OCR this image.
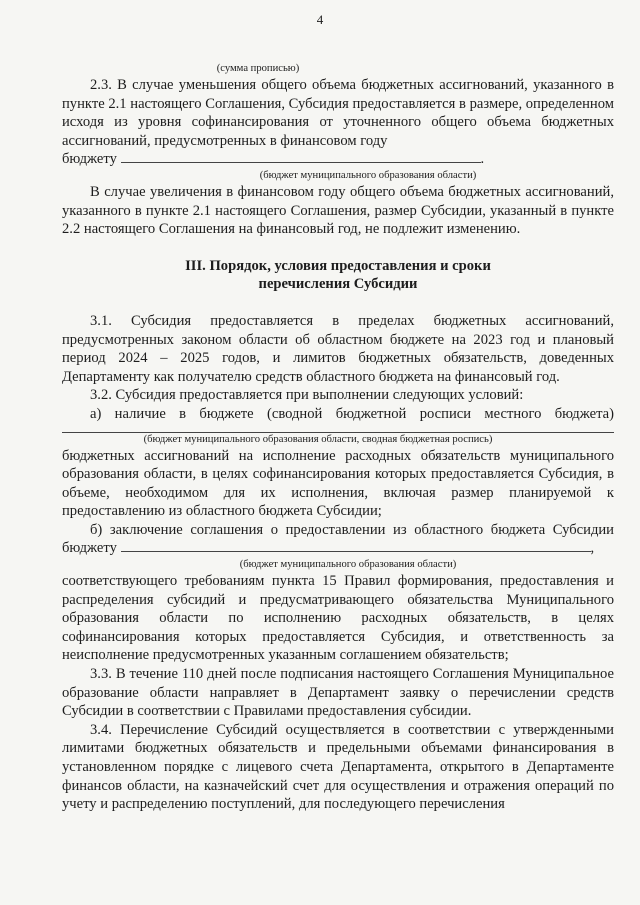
4

(сумма прописью)

2.3. В случае уменьшения общего объема бюджетных ассигнований, указанного в пункте 2.1 настоящего Соглашения, Субсидия предоставляется в размере, определенном исходя из уровня софинансирования от уточненного общего объема бюджетных ассигнований, предусмотренных в финансовом году

бюджету	.

(бюджет муниципального образования области)

В случае увеличения в финансовом году общего объема бюджетных ассигнований, указанного в пункте 2.1 настоящего Соглашения, размер Субсидии, указанный в пункте 2.2 настоящего Соглашения на финансовый год, не подлежит изменению.

III. Порядок, условия предоставления и сроки
перечисления Субсидии

3.1. Субсидия предоставляется в пределах бюджетных ассигнований, предусмотренных законом области об областном бюджете на 2023 год и плановый период 2024 – 2025 годов, и лимитов бюджетных обязательств, доведенных Департаменту как получателю средств областного бюджета на финансовый год.

3.2. Субсидия предоставляется при выполнении следующих условий:

а) наличие в бюджете (сводной бюджетной росписи местного бюджета)

(бюджет муниципального образования области, сводная бюджетная роспись)

бюджетных ассигнований на исполнение расходных обязательств муниципального образования области, в целях софинансирования которых предоставляется Субсидия, в объеме, необходимом для их исполнения, включая размер планируемой к предоставлению из областного бюджета Субсидии;

б) заключение соглашения о предоставлении из областного бюджета Субсидии

бюджету	,

(бюджет муниципального образования области)

соответствующего требованиям пункта 15 Правил формирования, предоставления и распределения субсидий и предусматривающего обязательства Муниципального образования области по исполнению расходных обязательств, в целях софинансирования которых предоставляется Субсидия, и ответственность за неисполнение предусмотренных указанным соглашением обязательств;

3.3. В течение 110 дней после подписания настоящего Соглашения Муниципальное образование области направляет в Департамент заявку о перечислении средств Субсидии в соответствии с Правилами предоставления субсидии.

3.4. Перечисление Субсидий осуществляется в соответствии с утвержденными лимитами бюджетных обязательств и предельными объемами финансирования в установленном порядке с лицевого счета Департамента, открытого в Департаменте финансов области, на казначейский счет для осуществления и отражения операций по учету и распределению поступлений, для последующего перечисления
